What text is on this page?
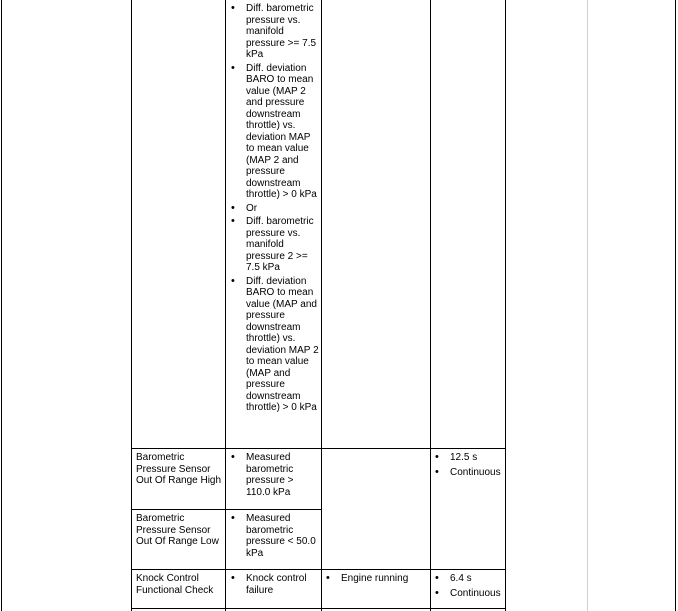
• Diff. barometric pressure vs. manifold pressure >= 7.5 kPa
• Diff. deviation BARO to mean value (MAP 2 and pressure downstream throttle) vs. deviation MAP to mean value (MAP 2 and pressure downstream throttle) > 0 kPa
• Or
• Diff. barometric pressure vs. manifold pressure 2 >= 7.5 kPa
• Diff. deviation BARO to mean value (MAP and pressure downstream throttle) vs. deviation MAP 2 to mean value (MAP and pressure downstream throttle) > 0 kPa
Barometric Pressure Sensor Out Of Range High
• Measured barometric pressure > 110.0 kPa
• 12.5 s
• Continuous
Barometric Pressure Sensor Out Of Range Low
• Measured barometric pressure < 50.0 kPa
Knock Control Functional Check
• Knock control failure
• Engine running
•	6.4 s
• Continuous
